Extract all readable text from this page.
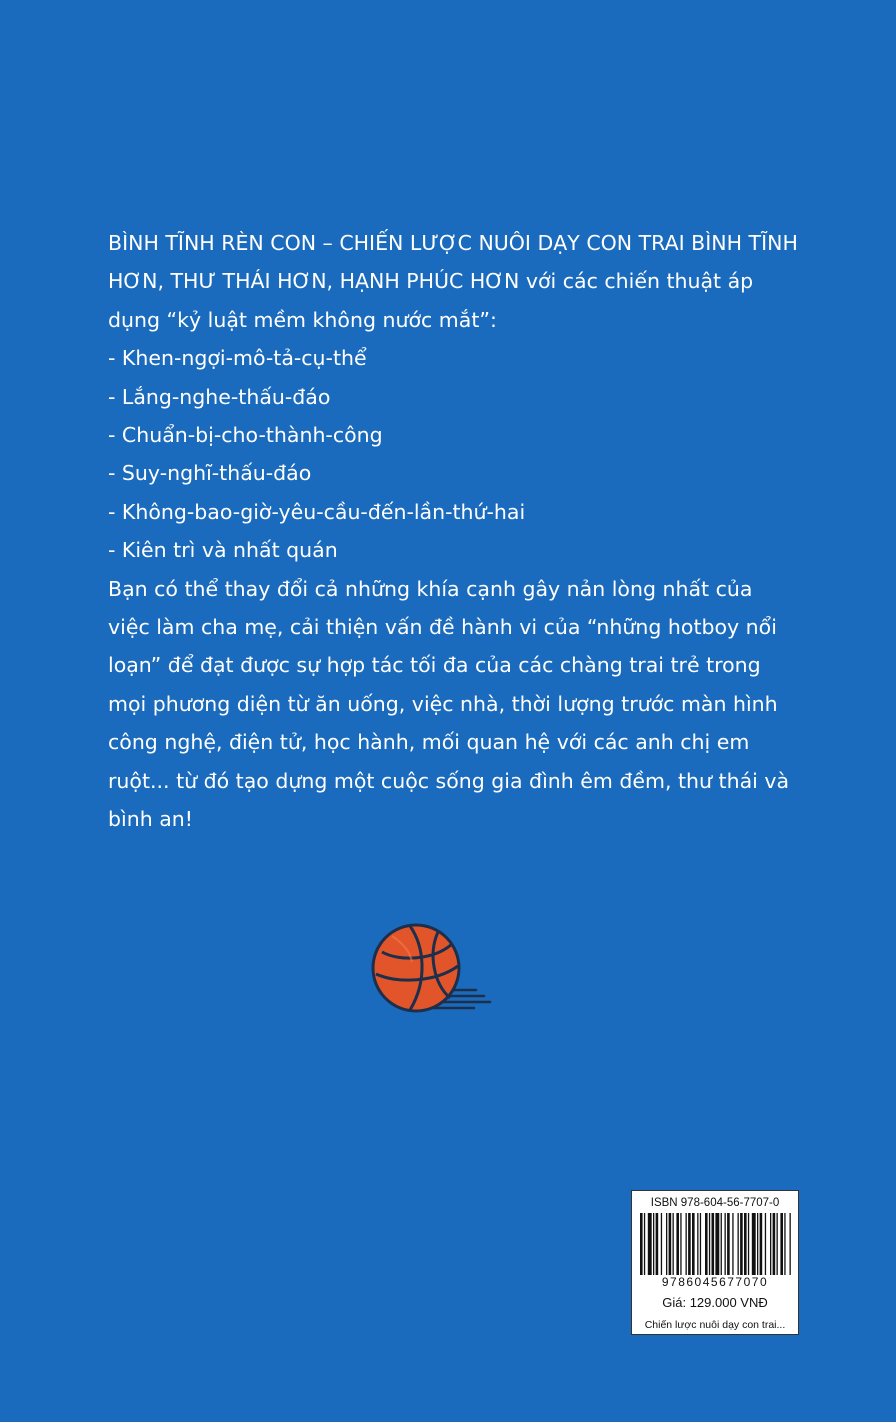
BÌNH TĨNH RÈN CON – CHIẾN LƯỢC NUÔI DẠY CON TRAI BÌNH TĨNH HƠN, THƯ THÁI HƠN, HẠNH PHÚC HƠN với các chiến thuật áp dụng “kỷ luật mềm không nước mắt”:

- Khen-ngợi-mô-tả-cụ-thể
- Lắng-nghe-thấu-đáo
- Chuẩn-bị-cho-thành-công
- Suy-nghĩ-thấu-đáo
- Không-bao-giờ-yêu-cầu-đến-lần-thứ-hai
- Kiên trì và nhất quán

Bạn có thể thay đổi cả những khía cạnh gây nản lòng nhất của việc làm cha mẹ, cải thiện vấn đề hành vi của “những hotboy nổi loạn” để đạt được sự hợp tác tối đa của các chàng trai trẻ trong mọi phương diện từ ăn uống, việc nhà, thời lượng trước màn hình công nghệ, điện tử, học hành, mối quan hệ với các anh chị em ruột... từ đó tạo dựng một cuộc sống gia đình êm đềm, thư thái và bình an!

ISBN 978-604-56-7707-0
9786045677070
Giá: 129.000 VNĐ
Chiến lược nuôi dạy con trai...
